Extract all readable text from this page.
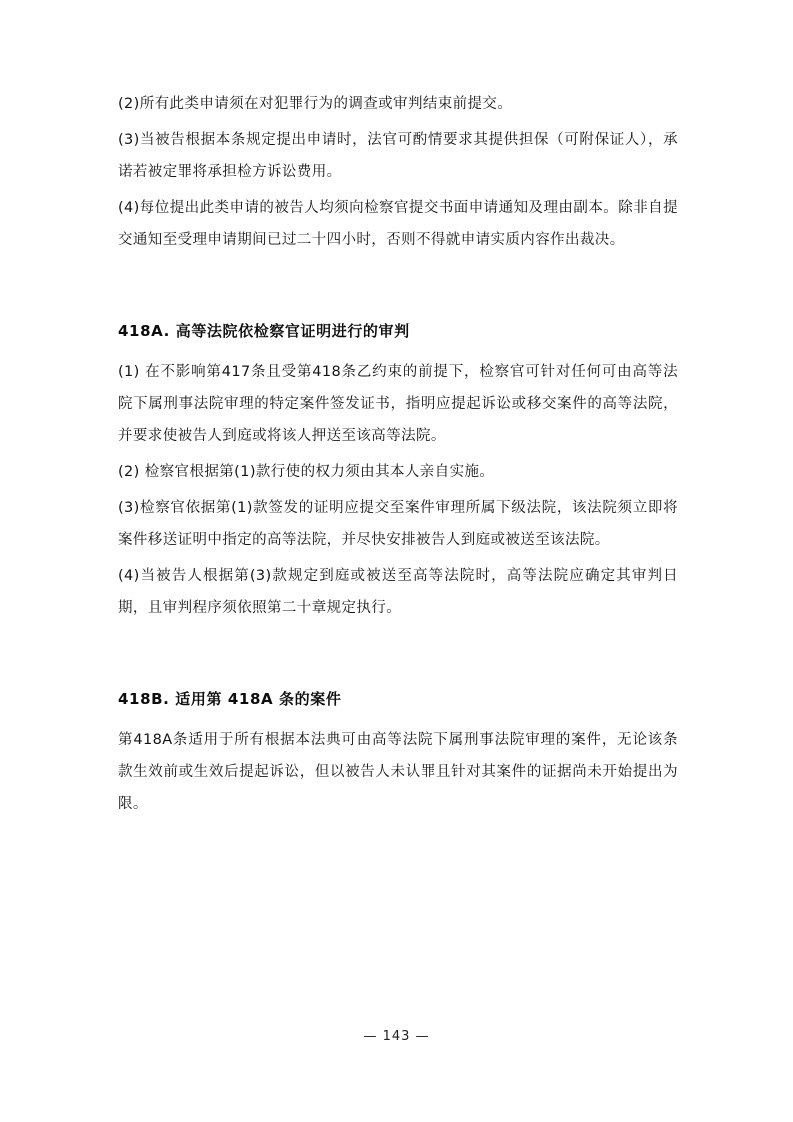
(2)所有此类申请须在对犯罪行为的调查或审判结束前提交。

(3)当被告根据本条规定提出申请时，法官可酌情要求其提供担保（可附保证人），承诺若被定罪将承担检方诉讼费用。

(4)每位提出此类申请的被告人均须向检察官提交书面申请通知及理由副本。除非自提交通知至受理申请期间已过二十四小时，否则不得就申请实质内容作出裁决。

418A. 高等法院依检察官证明进行的审判

(1) 在不影响第417条且受第418条乙约束的前提下，检察官可针对任何可由高等法院下属刑事法院审理的特定案件签发证书，指明应提起诉讼或移交案件的高等法院，并要求使被告人到庭或将该人押送至该高等法院。

(2) 检察官根据第(1)款行使的权力须由其本人亲自实施。

(3)检察官依据第(1)款签发的证明应提交至案件审理所属下级法院，该法院须立即将案件移送证明中指定的高等法院，并尽快安排被告人到庭或被送至该法院。

(4)当被告人根据第(3)款规定到庭或被送至高等法院时，高等法院应确定其审判日期，且审判程序须依照第二十章规定执行。

418B. 适用第 418A 条的案件

第418A条适用于所有根据本法典可由高等法院下属刑事法院审理的案件，无论该条款生效前或生效后提起诉讼，但以被告人未认罪且针对其案件的证据尚未开始提出为限。

— 143 —
